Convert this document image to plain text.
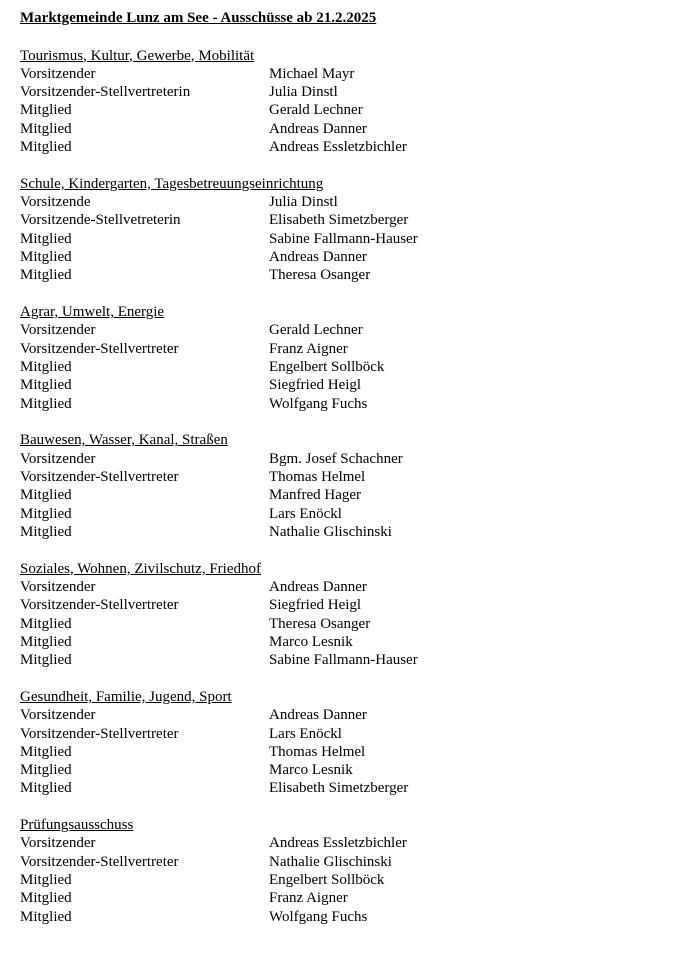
Marktgemeinde Lunz am See - Ausschüsse ab 21.2.2025
Tourismus, Kultur, Gewerbe, Mobilität
Vorsitzender	Michael Mayr
Vorsitzender-Stellvertreterin	Julia Dinstl
Mitglied	Gerald Lechner
Mitglied	Andreas Danner
Mitglied	Andreas Essletzbichler
Schule, Kindergarten, Tagesbetreuungseinrichtung
Vorsitzende	Julia Dinstl
Vorsitzende-Stellvetreterin	Elisabeth Simetzberger
Mitglied	Sabine Fallmann-Hauser
Mitglied	Andreas Danner
Mitglied	Theresa Osanger
Agrar, Umwelt, Energie
Vorsitzender	Gerald Lechner
Vorsitzender-Stellvertreter	Franz Aigner
Mitglied	Engelbert Sollböck
Mitglied	Siegfried Heigl
Mitglied	Wolfgang Fuchs
Bauwesen, Wasser, Kanal, Straßen
Vorsitzender	Bgm. Josef Schachner
Vorsitzender-Stellvertreter	Thomas Helmel
Mitglied	Manfred Hager
Mitglied	Lars Enöckl
Mitglied	Nathalie Glischinski
Soziales, Wohnen, Zivilschutz, Friedhof
Vorsitzender	Andreas Danner
Vorsitzender-Stellvertreter	Siegfried Heigl
Mitglied	Theresa Osanger
Mitglied	Marco Lesnik
Mitglied	Sabine Fallmann-Hauser
Gesundheit, Familie, Jugend, Sport
Vorsitzender	Andreas Danner
Vorsitzender-Stellvertreter	Lars Enöckl
Mitglied	Thomas Helmel
Mitglied	Marco Lesnik
Mitglied	Elisabeth Simetzberger
Prüfungsausschuss
Vorsitzender	Andreas Essletzbichler
Vorsitzender-Stellvertreter	Nathalie Glischinski
Mitglied	Engelbert Sollböck
Mitglied	Franz Aigner
Mitglied	Wolfgang Fuchs
